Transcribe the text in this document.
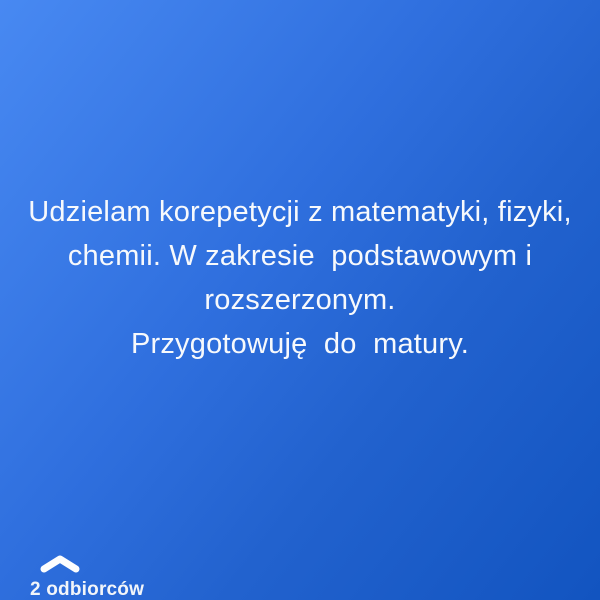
Udzielam korepetycji z matematyki, fizyki,
chemii. W zakresie  podstawowym i
rozszerzonym.
Przygotowuję  do  matury.
2 odbiorców
